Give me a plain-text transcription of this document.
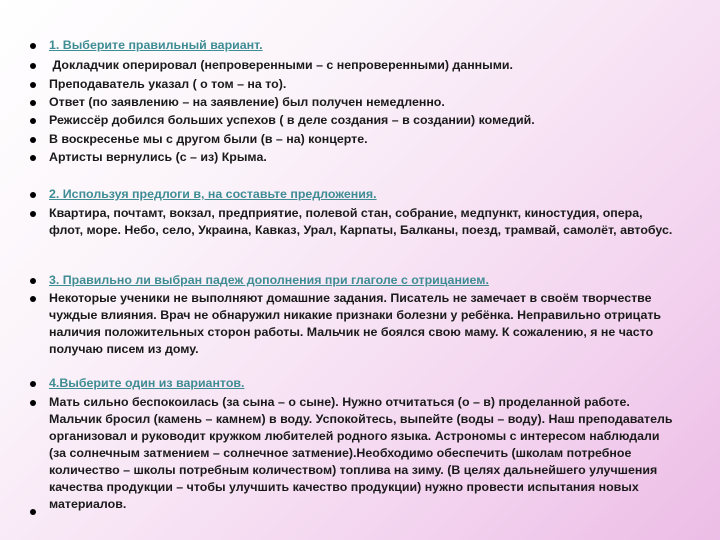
1. Выберите правильный вариант.
Докладчик оперировал (непроверенными – с непроверенными) данными.
Преподаватель указал ( о том – на то).
Ответ (по заявлению – на заявление) был получен немедленно.
Режиссёр добился больших успехов ( в деле создания – в создании) комедий.
В воскресенье мы с другом были (в – на) концерте.
Артисты вернулись (с – из) Крыма.
2. Используя предлоги в, на составьте предложения.
Квартира, почтамт, вокзал, предприятие, полевой стан, собрание, медпункт, киностудия, опера, флот, море. Небо, село, Украина, Кавказ, Урал, Карпаты, Балканы, поезд, трамвай, самолёт, автобус.
3. Правильно ли выбран падеж дополнения при глаголе с отрицанием.
Некоторые ученики не выполняют домашние задания. Писатель не замечает в своём творчестве чуждые влияния. Врач не обнаружил никакие признаки болезни у ребёнка. Неправильно отрицать наличия положительных сторон работы. Мальчик не боялся свою маму. К сожалению, я не часто получаю писем из дому.
4.Выберите один из вариантов.
Мать сильно беспокоилась (за сына – о сыне). Нужно отчитаться (о – в) проделанной работе. Мальчик бросил (камень – камнем) в воду. Успокойтесь, выпейте (воды – воду). Наш преподаватель организовал и руководит кружком любителей родного языка. Астрономы с интересом наблюдали (за солнечным затмением – солнечное затмение).Необходимо обеспечить (школам потребное количество – школы потребным количеством) топлива на зиму. (В целях дальнейшего улучшения качества продукции – чтобы улучшить качество продукции) нужно провести испытания новых материалов.
